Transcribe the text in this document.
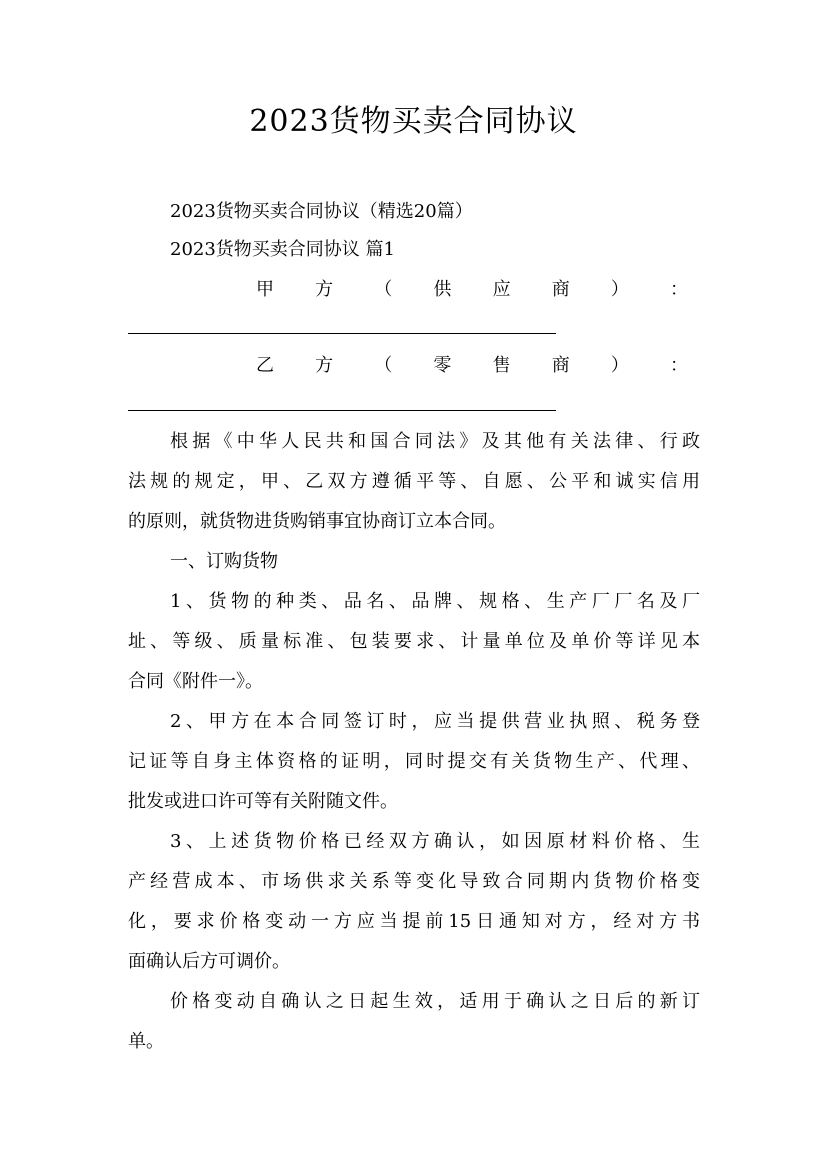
2023货物买卖合同协议
2023货物买卖合同协议（精选20篇）
2023货物买卖合同协议 篇1
甲 方 （ 供 应 商 ） ：
乙 方 （ 零 售 商 ） ：
根据《中华人民共和国合同法》及其他有关法律、行政
法规的规定，甲、乙双方遵循平等、自愿、公平和诚实信用
的原则，就货物进货购销事宜协商订立本合同。
一、订购货物
1、货物的种类、品名、品牌、规格、生产厂厂名及厂
址、等级、质量标准、包装要求、计量单位及单价等详见本
合同《附件一》。
2、甲方在本合同签订时，应当提供营业执照、税务登
记证等自身主体资格的证明，同时提交有关货物生产、代理、
批发或进口许可等有关附随文件。
3、上述货物价格已经双方确认，如因原材料价格、生
产经营成本、市场供求关系等变化导致合同期内货物价格变
化，要求价格变动一方应当提前15日通知对方，经对方书
面确认后方可调价。
价格变动自确认之日起生效，适用于确认之日后的新订
单。
